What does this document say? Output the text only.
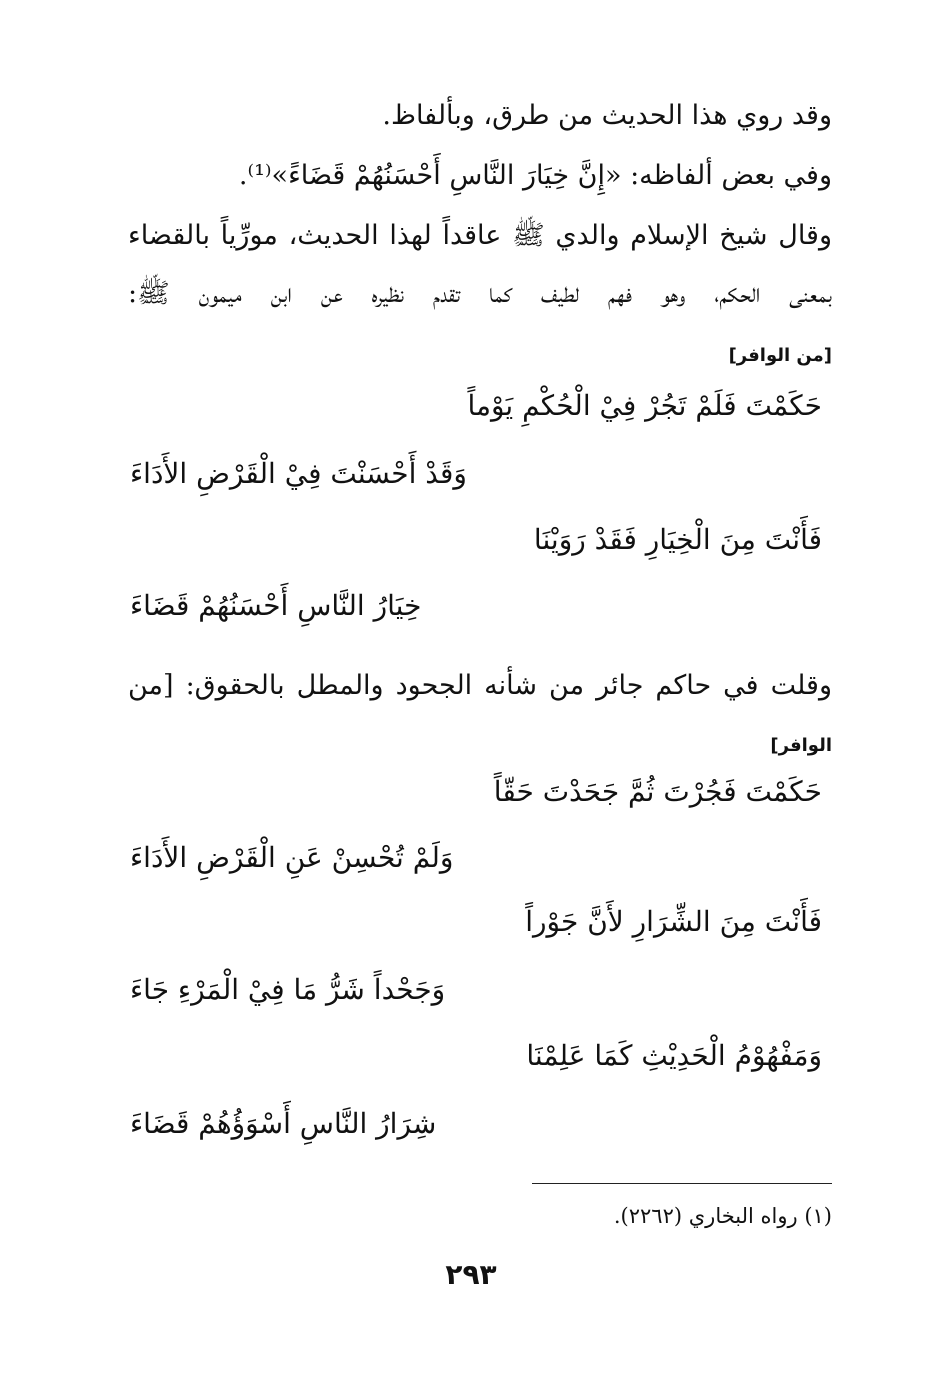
وقد روي هذا الحديث من طرق، وبألفاظ.
وفي بعض ألفاظه: «إِنَّ خِيَارَ النَّاسِ أَحْسَنُهُمْ قَضَاءً»⁽¹⁾.
وقال شيخ الإسلام والدي ﷺ عاقداً لهذا الحديث، مورِّياً بالقضاء
بمعنى الحكم، وهو فهم لطيف كما تقدم نظيره عن ابن ميمون ﷺ:
[من الوافر]
حَكَمْتَ فَلَمْ تَجُرْ فِيْ الْحُكْمِ يَوْماً
وَقَدْ أَحْسَنْتَ فِيْ الْقَرْضِ الأَدَاءَ
فَأَنْتَ مِنَ الْخِيَارِ فَقَدْ رَوَيْنَا
خِيَارُ النَّاسِ أَحْسَنُهُمْ قَضَاءَ
وقلت في حاكم جائر من شأنه الجحود والمطل بالحقوق: [من
الوافر]
حَكَمْتَ فَجُرْتَ ثُمَّ جَحَدْتَ حَقّاً
وَلَمْ تُحْسِنْ عَنِ الْقَرْضِ الأَدَاءَ
فَأَنْتَ مِنَ الشِّرَارِ لأَنَّ جَوْراً
وَجَحْداً شَرُّ مَا فِيْ الْمَرْءِ جَاءَ
وَمَفْهُوْمُ الْحَدِيْثِ كَمَا عَلِمْنَا
شِرَارُ النَّاسِ أَسْوَؤُهُمْ قَضَاءَ
(١) رواه البخاري (٢٢٦٢).
٢٩٣
